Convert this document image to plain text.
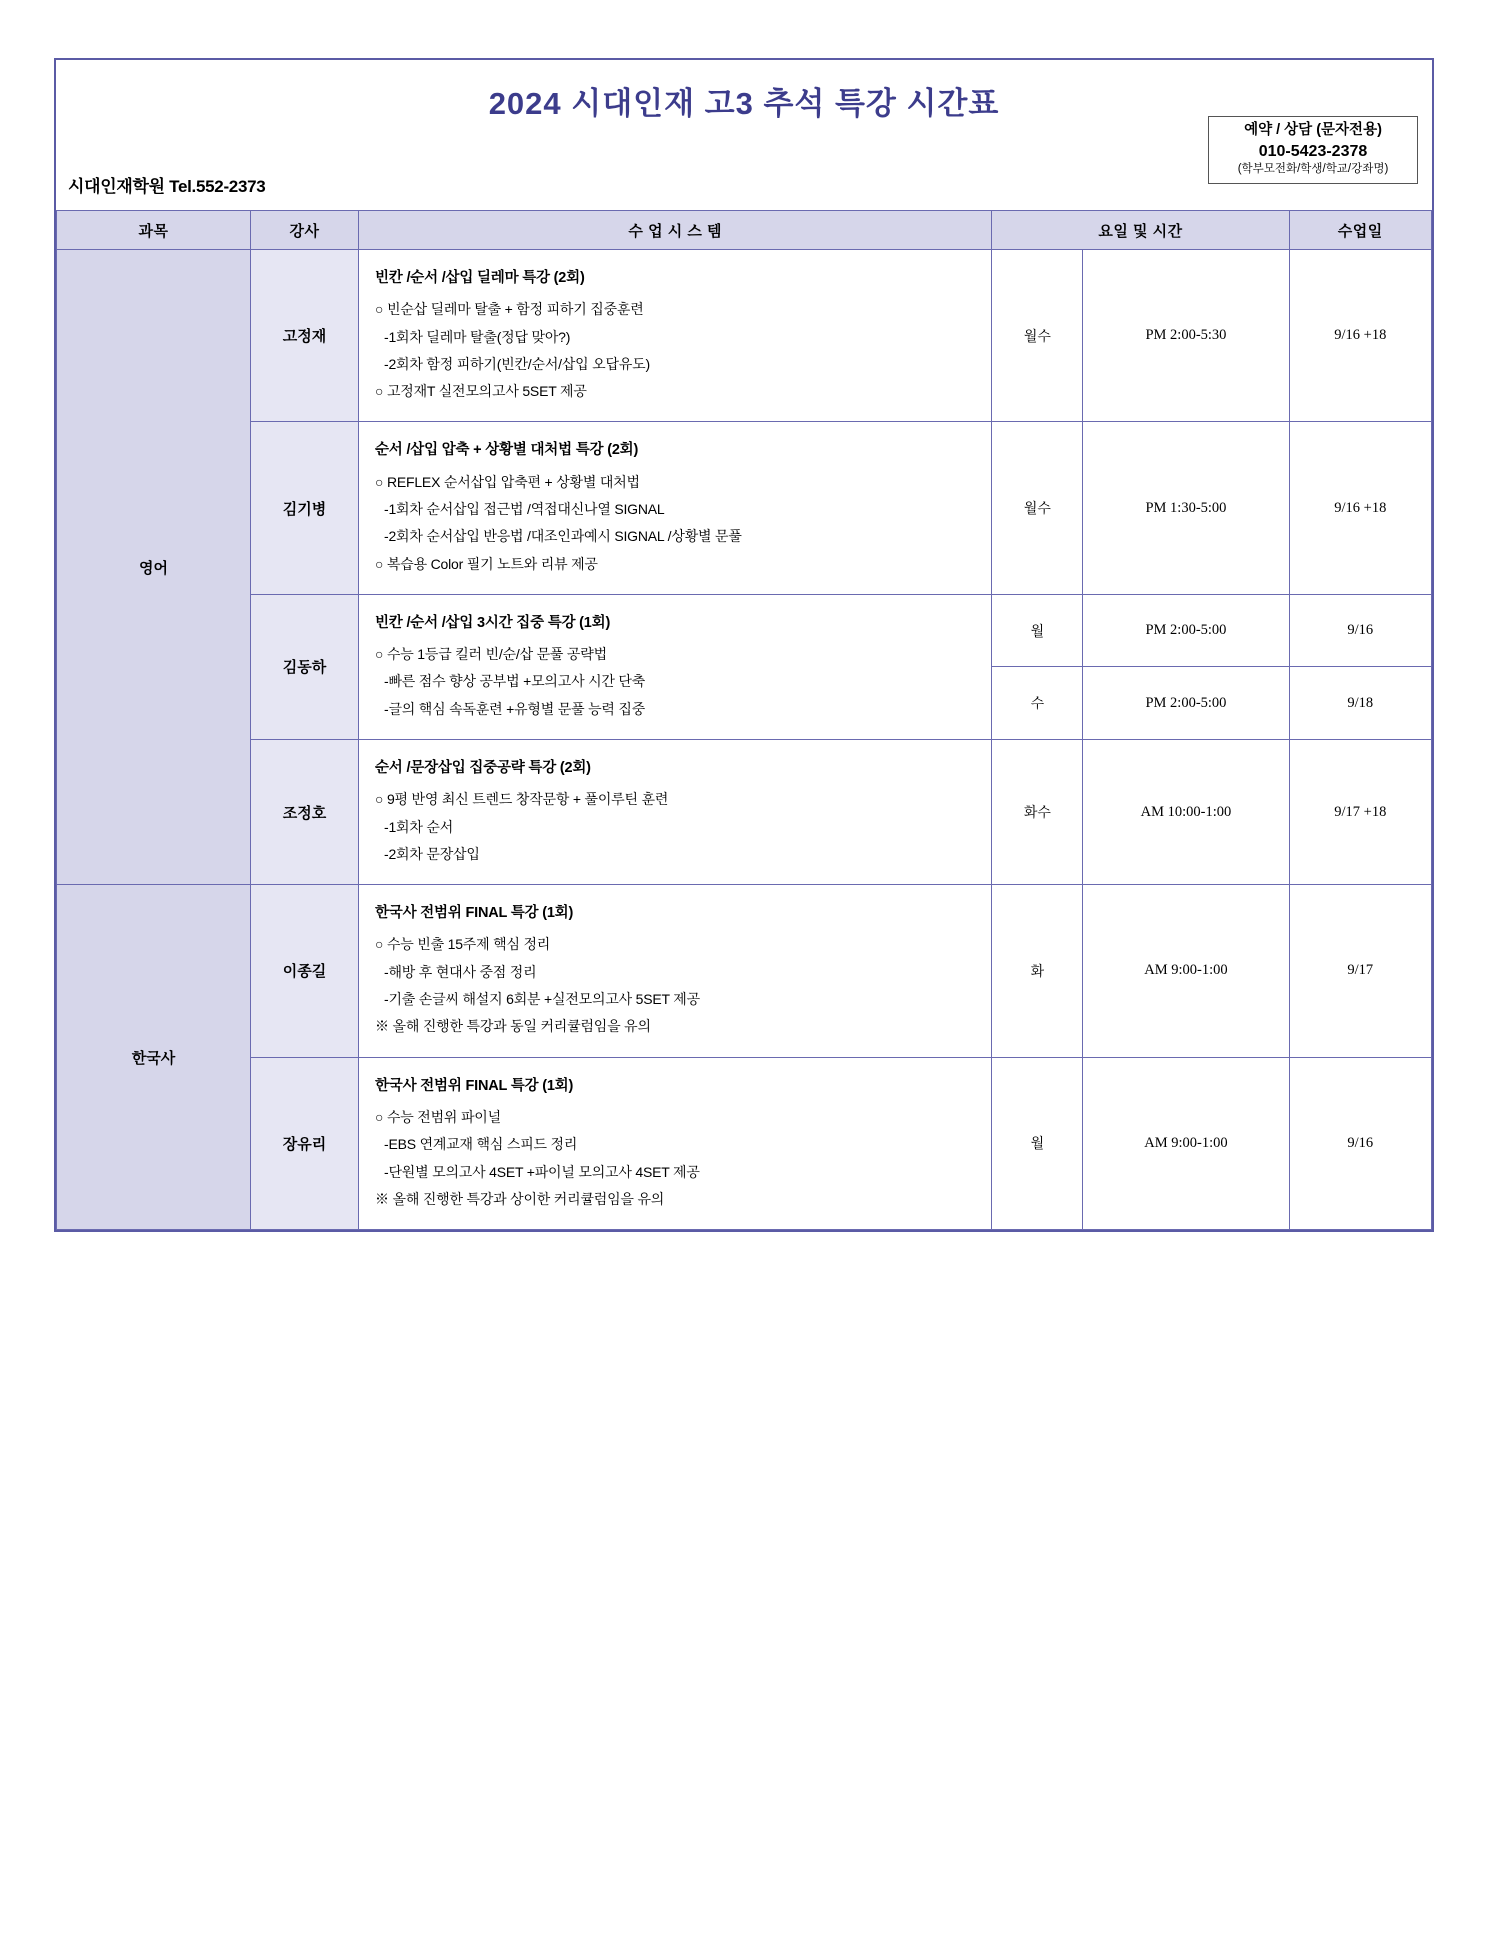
2024 시대인재 고3 추석 특강 시간표
예약 / 상담 (문자전용)
010-5423-2378
(학부모전화/학생/학교/강좌명)
시대인재학원 Tel.552-2373
과목	강사	수 업 시 스 템	요일 및 시간		수업일
영어	고정재	빈칸 /순서 /삽입 딜레마 특강 (2회)
○ 빈순삽 딜레마 탈출 + 함정 피하기 집중훈련
-1회차 딜레마 탈출(정답 맞아?)
-2회차 함정 피하기(빈칸/순서/삽입 오답유도)
○ 고정재T 실전모의고사 5SET 제공	월수	PM 2:00-5:30	9/16 +18
	김기병	순서 /삽입 압축 + 상황별 대처법 특강 (2회)
○ REFLEX 순서삽입 압축편 + 상황별 대처법
-1회차 순서삽입 접근법 /역접대신나열 SIGNAL
-2회차 순서삽입 반응법 /대조인과예시 SIGNAL /상황별 문풀
○ 복습용 Color 필기 노트와 리뷰 제공	월수	PM 1:30-5:00	9/16 +18
	김동하	빈칸 /순서 /삽입 3시간 집중 특강 (1회)
○ 수능 1등급 킬러 빈/순/삽 문풀 공략법
-빠른 점수 향상 공부법 +모의고사 시간 단축
-글의 핵심 속독훈련 +유형별 문풀 능력 집중	월	PM 2:00-5:00	9/16
			수	PM 2:00-5:00	9/18
	조정호	순서 /문장삽입 집중공략 특강 (2회)
○ 9평 반영 최신 트렌드 창작문항 + 풀이루틴 훈련
-1회차 순서
-2회차 문장삽입	화수	AM 10:00-1:00	9/17 +18
한국사	이종길	한국사 전범위 FINAL 특강 (1회)
○ 수능 빈출 15주제 핵심 정리
-해방 후 현대사 중점 정리
-기출 손글씨 해설지 6회분 +실전모의고사 5SET 제공
※ 올해 진행한 특강과 동일 커리큘럼임을 유의	화	AM 9:00-1:00	9/17
	장유리	한국사 전범위 FINAL 특강 (1회)
○ 수능 전범위 파이널
-EBS 연계교재 핵심 스피드 정리
-단원별 모의고사 4SET +파이널 모의고사 4SET 제공
※ 올해 진행한 특강과 상이한 커리큘럼임을 유의	월	AM 9:00-1:00	9/16
